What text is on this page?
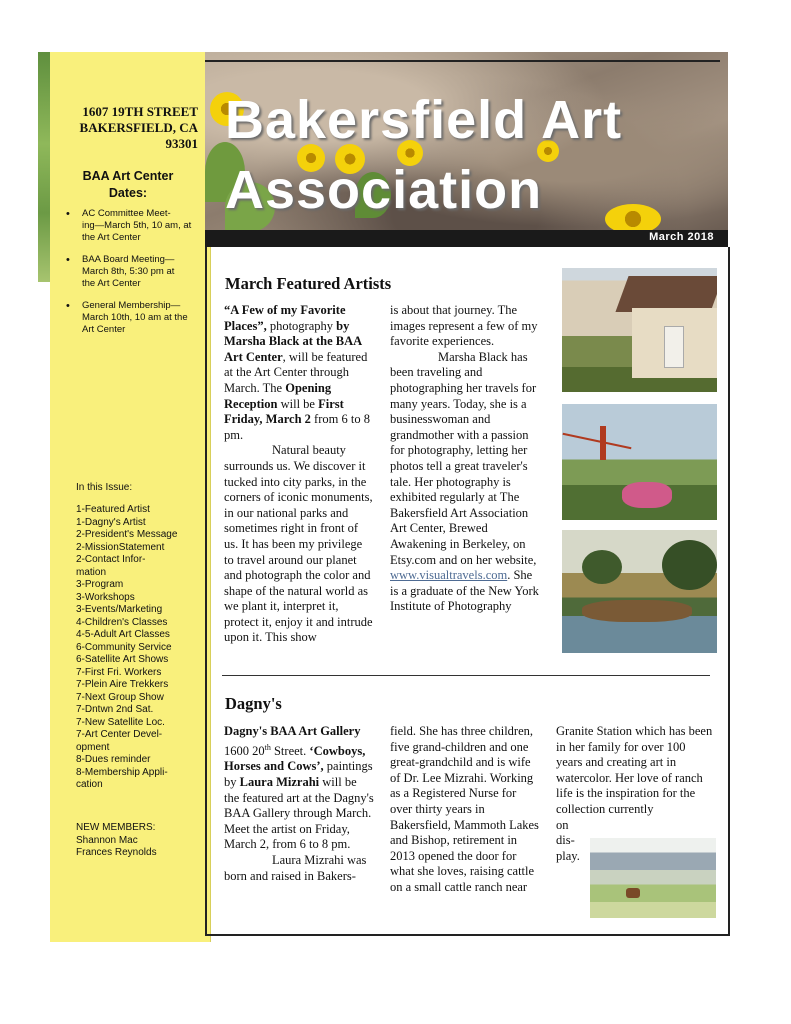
1607 19TH STREET
BAKERSFIELD, CA
93301
BAA Art Center
Dates:
• AC Committee Meet-
ing—March 5th, 10 am, at
the Art Center
• BAA Board Meeting—
March 8th, 5:30 pm at
the Art Center
• General Membership—
March 10th, 10 am at the
Art Center
In this Issue:
1-Featured Artist
1-Dagny's Artist
2-President's Message
2-MissionStatement
2-Contact Infor-
mation
3-Program
3-Workshops
3-Events/Marketing
4-Children's Classes
4-5-Adult Art Classes
6-Community Service
6-Satellite Art Shows
7-First Fri. Workers
7-Plein Aire Trekkers
7-Next Group Show
7-Dntwn 2nd Sat.
7-New Satellite Loc.
7-Art Center Devel-
opment
8-Dues reminder
8-Membership Appli-
cation
NEW MEMBERS:
Shannon Mac
Frances Reynolds
Bakersfield Art
Association
March 2018
March Featured Artists

“A Few of my Favorite Places”, photography by Marsha Black at the BAA Art Center, will be featured at the Art Center through March. The Opening Reception will be First Friday, March 2 from 6 to 8 pm.

Natural beauty surrounds us. We discover it tucked into city parks, in the corners of iconic monuments, in our national parks and sometimes right in front of us. It has been my privilege to travel around our planet and photograph the color and shape of the natural world as we plant it, interpret it, protect it, enjoy it and intrude upon it. This show

is about that journey. The images represent a few of my favorite experiences.

Marsha Black has been traveling and photographing her travels for many years. Today, she is a businesswoman and grandmother with a passion for photography, letting her photos tell a great traveler's tale. Her photography is exhibited regularly at The Bakersfield Art Association Art Center, Brewed Awakening in Berkeley, on Etsy.com and on her website,

www.visualtravels.com. She is a graduate of the New York Institute of Photography

Dagny's

Dagny's BAA Art Gallery 1600 20th Street. ‘Cowboys, Horses and Cows’, paintings by Laura Mizrahi will be the featured art at the Dagny's BAA Gallery through March. Meet the artist on Friday, March 2, from 6 to 8 pm.

Laura Mizrahi was born and raised in Bakers-

field. She has three children, five grand-children and one great-grandchild and is wife of Dr. Lee Mizrahi. Working as a Registered Nurse for over thirty years in Bakersfield, Mammoth Lakes and Bishop, retirement in 2013 opened the door for what she loves, raising cattle on a small cattle ranch near

Granite Station which has been in her family for over 100 years and creating art in watercolor. Her love of ranch life is the inspiration for the collection currently

on
dis-
play.
